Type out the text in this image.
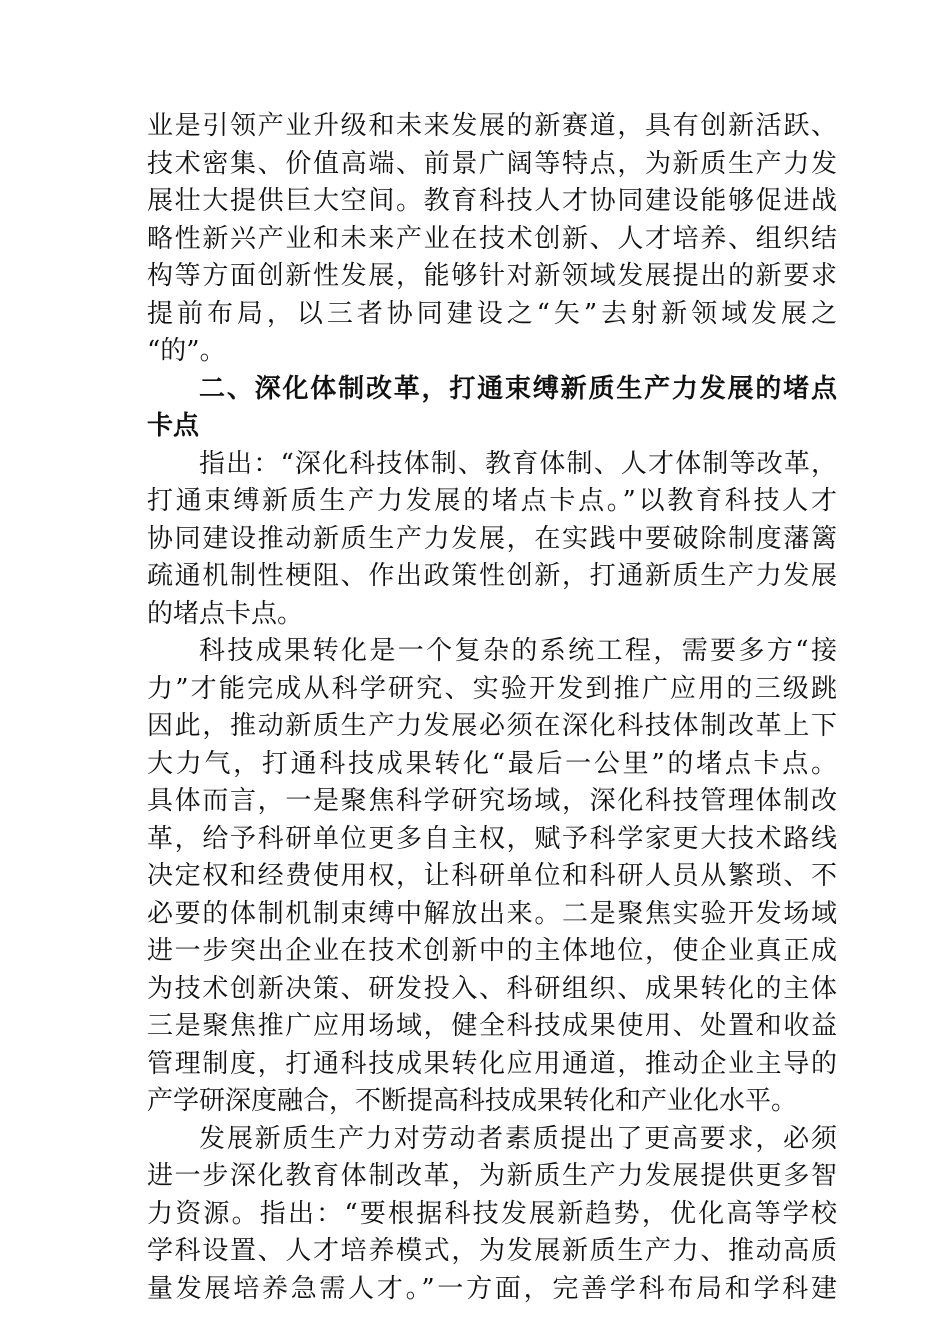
业是引领产业升级和未来发展的新赛道，具有创新活跃、
技术密集、价值高端、前景广阔等特点，为新质生产力发
展壮大提供巨大空间。教育科技人才协同建设能够促进战
略性新兴产业和未来产业在技术创新、人才培养、组织结
构等方面创新性发展，能够针对新领域发展提出的新要求
提前布局，以三者协同建设之“矢”去射新领域发展之
“的”。
二、深化体制改革，打通束缚新质生产力发展的堵点
卡点
指出：“深化科技体制、教育体制、人才体制等改革，
打通束缚新质生产力发展的堵点卡点。”以教育科技人才
协同建设推动新质生产力发展，在实践中要破除制度藩篱
疏通机制性梗阻、作出政策性创新，打通新质生产力发展
的堵点卡点。
科技成果转化是一个复杂的系统工程，需要多方“接
力”才能完成从科学研究、实验开发到推广应用的三级跳
因此，推动新质生产力发展必须在深化科技体制改革上下
大力气，打通科技成果转化“最后一公里”的堵点卡点。
具体而言，一是聚焦科学研究场域，深化科技管理体制改
革，给予科研单位更多自主权，赋予科学家更大技术路线
决定权和经费使用权，让科研单位和科研人员从繁琐、不
必要的体制机制束缚中解放出来。二是聚焦实验开发场域
进一步突出企业在技术创新中的主体地位，使企业真正成
为技术创新决策、研发投入、科研组织、成果转化的主体
三是聚焦推广应用场域，健全科技成果使用、处置和收益
管理制度，打通科技成果转化应用通道，推动企业主导的
产学研深度融合，不断提高科技成果转化和产业化水平。
发展新质生产力对劳动者素质提出了更高要求，必须
进一步深化教育体制改革，为新质生产力发展提供更多智
力资源。指出：“要根据科技发展新趋势，优化高等学校
学科设置、人才培养模式，为发展新质生产力、推动高质
量发展培养急需人才。”一方面，完善学科布局和学科建
